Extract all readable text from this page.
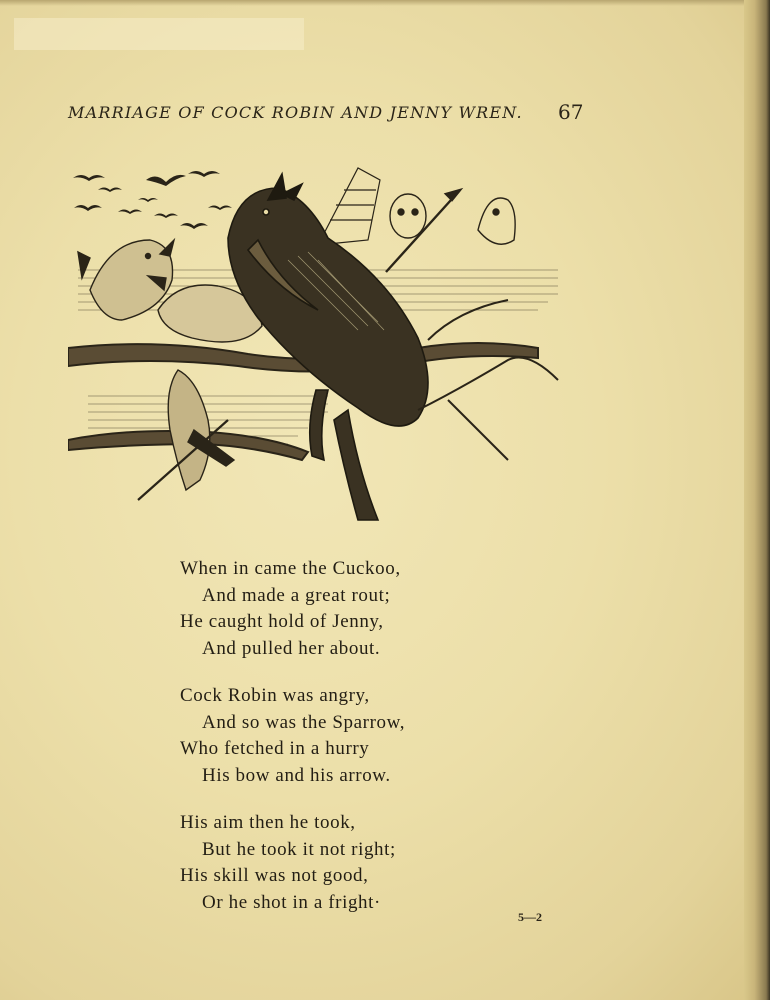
MARRIAGE OF COCK ROBIN AND JENNY WREN. 67
When in came the Cuckoo,
And made a great rout;
He caught hold of Jenny,
And pulled her about.
Cock Robin was angry,
And so was the Sparrow,
Who fetched in a hurry
His bow and his arrow.
His aim then he took,
But he took it not right;
His skill was not good,
Or he shot in a fright·
5—2
